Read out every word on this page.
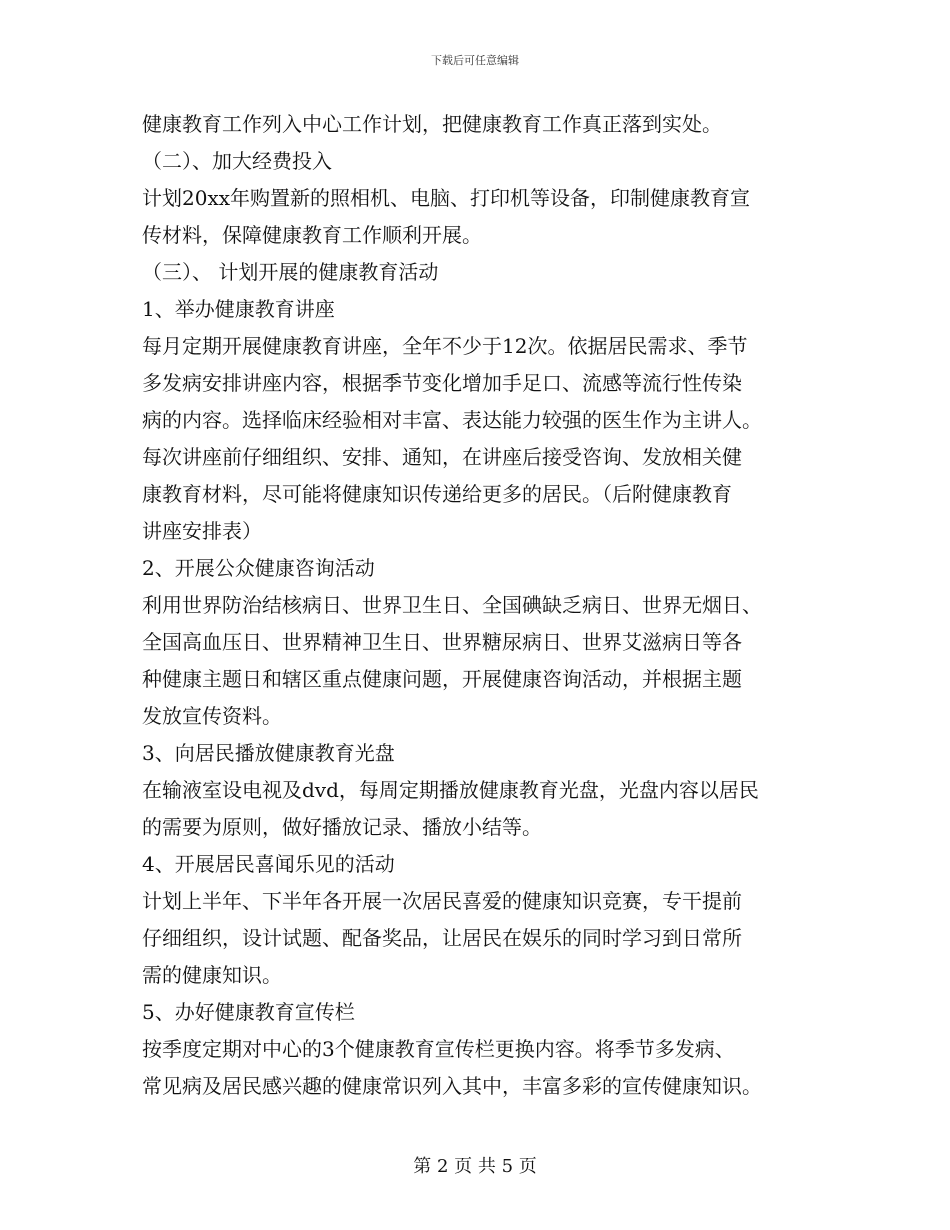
下载后可任意编辑
健康教育工作列入中心工作计划，把健康教育工作真正落到实处。
（二）、加大经费投入
计划20xx年购置新的照相机、电脑、打印机等设备，印制健康教育宣
传材料，保障健康教育工作顺利开展。
（三）、 计划开展的健康教育活动
1、举办健康教育讲座
每月定期开展健康教育讲座，全年不少于12次。依据居民需求、季节
多发病安排讲座内容，根据季节变化增加手足口、流感等流行性传染
病的内容。选择临床经验相对丰富、表达能力较强的医生作为主讲人。
每次讲座前仔细组织、安排、通知，在讲座后接受咨询、发放相关健
康教育材料，尽可能将健康知识传递给更多的居民。（后附健康教育
讲座安排表）
2、开展公众健康咨询活动
利用世界防治结核病日、世界卫生日、全国碘缺乏病日、世界无烟日、
全国高血压日、世界精神卫生日、世界糖尿病日、世界艾滋病日等各
种健康主题日和辖区重点健康问题，开展健康咨询活动，并根据主题
发放宣传资料。
3、向居民播放健康教育光盘
在输液室设电视及dvd，每周定期播放健康教育光盘，光盘内容以居民
的需要为原则，做好播放记录、播放小结等。
4、开展居民喜闻乐见的活动
计划上半年、下半年各开展一次居民喜爱的健康知识竞赛，专干提前
仔细组织，设计试题、配备奖品，让居民在娱乐的同时学习到日常所
需的健康知识。
5、办好健康教育宣传栏
按季度定期对中心的3个健康教育宣传栏更换内容。将季节多发病、
常见病及居民感兴趣的健康常识列入其中，丰富多彩的宣传健康知识。
第 2 页 共 5 页
